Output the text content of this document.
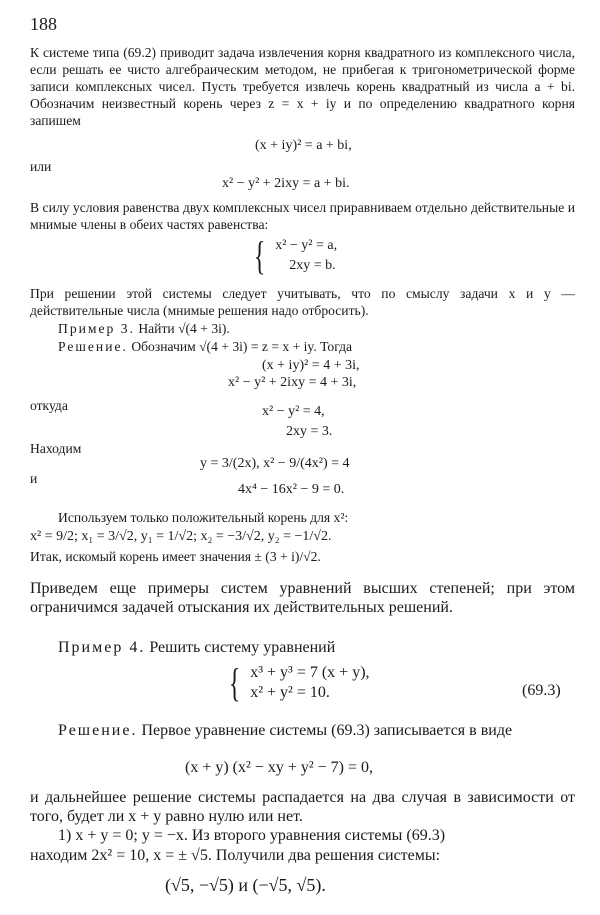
188
К системе типа (69.2) приводит задача извлечения корня квадратного из комплексного числа, если решать ее чисто алгебраическим методом, не прибегая к тригонометрической форме записи комплексных чисел. Пусть требуется извлечь корень квадратный из числа a + bi. Обозначим неизвестный корень через z = x + iy и по определению квадратного корня запишем
(x + iy)² = a + bi,
или
x² − y² + 2ixy = a + bi.
В силу условия равенства двух комплексных чисел приравниваем отдельно действительные и мнимые члены в обеих частях равенства:
{ x² − y² = a,
2xy = b.
При решении этой системы следует учитывать, что по смыслу задачи x и y — действительные числа (мнимые решения надо отбросить).
Пример 3. Найти √(4 + 3i).
Решение. Обозначим √(4 + 3i) = z = x + iy. Тогда
(x + iy)² = 4 + 3i,
x² − y² + 2ixy = 4 + 3i,
откуда	x² − y² = 4,
2xy = 3.
Находим
y = 3/(2x), x² − 9/(4x²) = 4
и
4x⁴ − 16x² − 9 = 0.
Используем только положительный корень для x²:
x² = 9/2; x₁ = 3/√2, y₁ = 1/√2; x₂ = −3/√2, y₂ = −1/√2.
Итак, искомый корень имеет значения ± (3 + i)/√2.
Приведем еще примеры систем уравнений высших степеней; при этом ограничимся задачей отыскания их действительных решений.
Пример 4. Решить систему уравнений
{ x³ + y³ = 7 (x + y),
x² + y² = 10.	(69.3)
Решение. Первое уравнение системы (69.3) записывается в виде
(x + y) (x² − xy + y² − 7) = 0,
и дальнейшее решение системы распадается на два случая в зависимости от того, будет ли x + y равно нулю или нет.
1) x + y = 0; y = −x. Из второго уравнения системы (69.3)
находим 2x² = 10, x = ± √5. Получили два решения системы:
(√5, −√5) и (−√5, √5).
